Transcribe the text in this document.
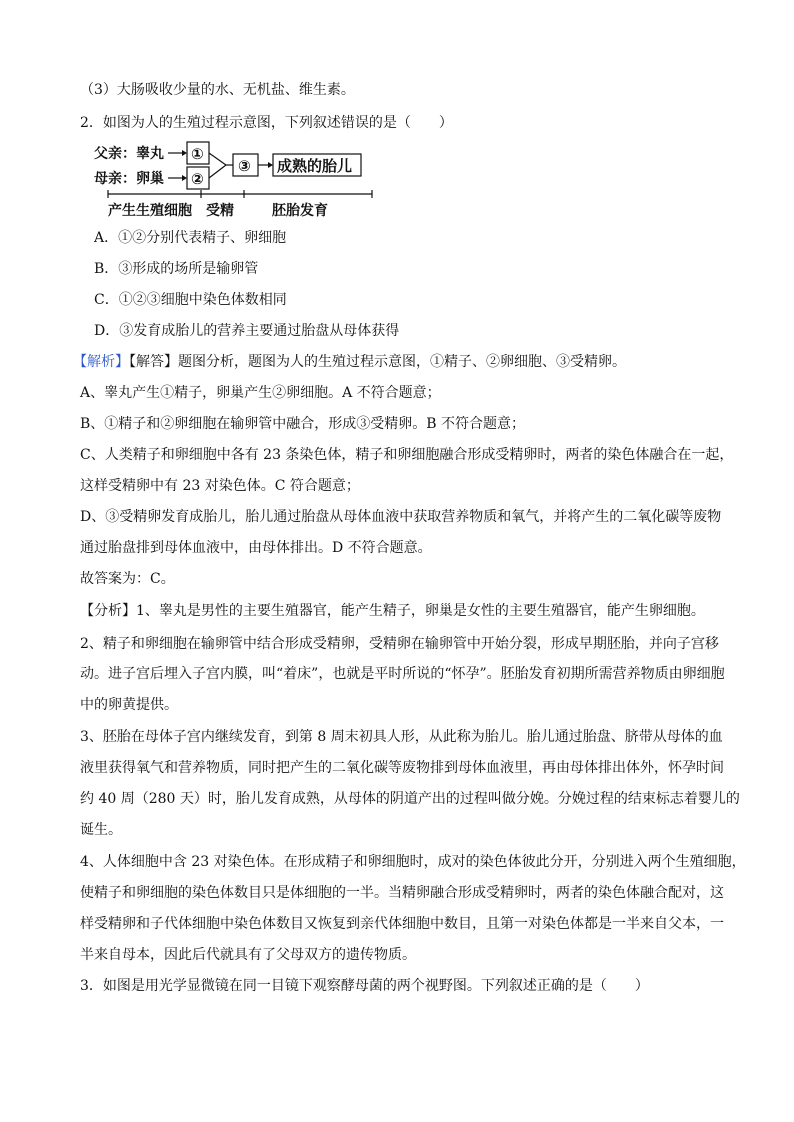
（3）大肠吸收少量的水、无机盐、维生素。
2．如图为人的生殖过程示意图，下列叙述错误的是（　　）
父亲：睾丸
母亲：卵巢
①
②
③ 成熟的胎儿
产生生殖细胞 受精	胚胎发育
A．①②分别代表精子、卵细胞
B．③形成的场所是输卵管
C．①②③细胞中染色体数相同
D．③发育成胎儿的营养主要通过胎盘从母体获得
【解析】【解答】题图分析，题图为人的生殖过程示意图，①精子、②卵细胞、③受精卵。
A、睾丸产生①精子，卵巢产生②卵细胞。A 不符合题意；
B、①精子和②卵细胞在输卵管中融合，形成③受精卵。B 不符合题意；
C、人类精子和卵细胞中各有 23 条染色体，精子和卵细胞融合形成受精卵时，两者的染色体融合在一起，
这样受精卵中有 23 对染色体。C 符合题意；
D、③受精卵发育成胎儿，胎儿通过胎盘从母体血液中获取营养物质和氧气，并将产生的二氧化碳等废物
通过胎盘排到母体血液中，由母体排出。D 不符合题意。
故答案为：C。
【分析】1、睾丸是男性的主要生殖器官，能产生精子，卵巢是女性的主要生殖器官，能产生卵细胞。
2、精子和卵细胞在输卵管中结合形成受精卵，受精卵在输卵管中开始分裂，形成早期胚胎，并向子宫移
动。进子宫后埋入子宫内膜，叫“着床”，也就是平时所说的“怀孕”。胚胎发育初期所需营养物质由卵细胞
中的卵黄提供。
3、胚胎在母体子宫内继续发育，到第 8 周末初具人形，从此称为胎儿。胎儿通过胎盘、脐带从母体的血
液里获得氧气和营养物质，同时把产生的二氧化碳等废物排到母体血液里，再由母体排出体外，怀孕时间
约 40 周（280 天）时，胎儿发育成熟，从母体的阴道产出的过程叫做分娩。分娩过程的结束标志着婴儿的
诞生。
4、人体细胞中含 23 对染色体。在形成精子和卵细胞时，成对的染色体彼此分开，分别进入两个生殖细胞，
使精子和卵细胞的染色体数目只是体细胞的一半。当精卵融合形成受精卵时，两者的染色体融合配对，这
样受精卵和子代体细胞中染色体数目又恢复到亲代体细胞中数目，且第一对染色体都是一半来自父本，一
半来自母本，因此后代就具有了父母双方的遗传物质。
3．如图是用光学显微镜在同一目镜下观察酵母菌的两个视野图。下列叙述正确的是（　　）
